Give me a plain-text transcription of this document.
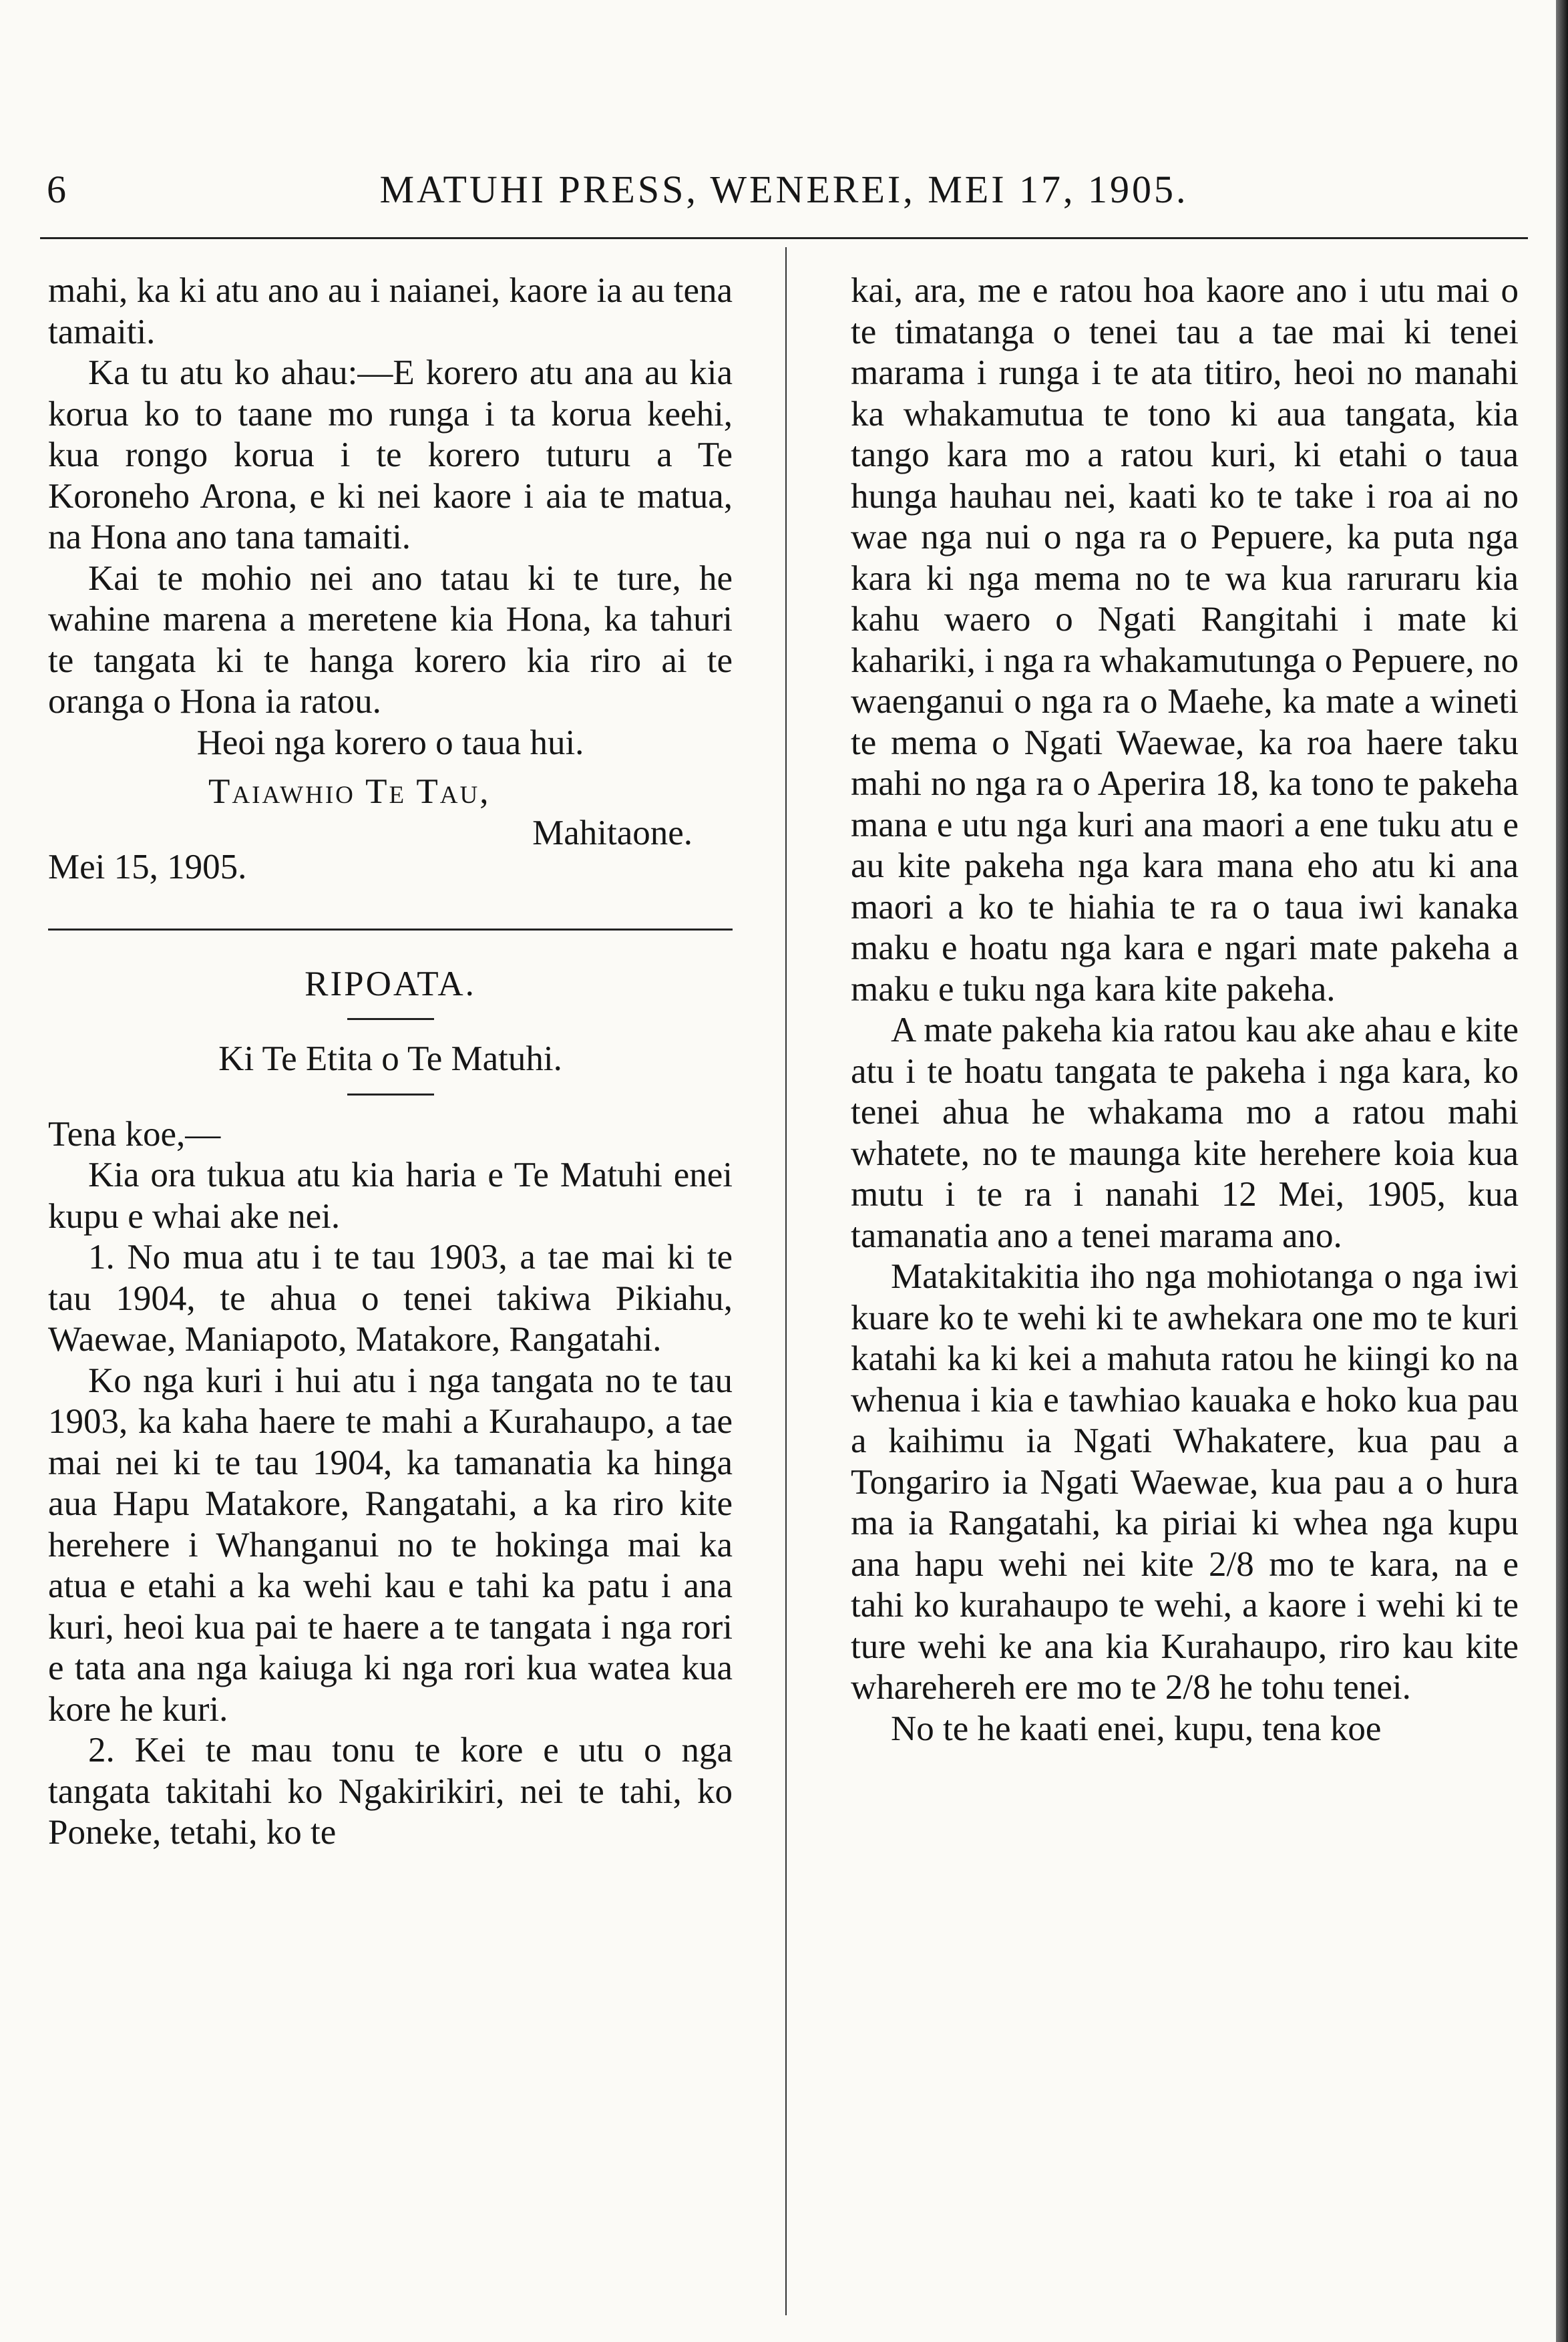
6	MATUHI PRESS, WENEREI, MEI 17, 1905.

mahi, ka ki atu ano au i naianei, kaore ia au tena tamaiti.

Ka tu atu ko ahau:—E korero atu ana au kia korua ko to taane mo runga i ta korua keehi, kua rongo korua i te korero tuturu a Te Koroneho Arona, e ki nei kaore i aia te matua, na Hona ano tana tamaiti.

Kai te mohio nei ano tatau ki te ture, he wahine marena a meretene kia Hona, ka tahuri te tangata ki te hanga korero kia riro ai te oranga o Hona ia ratou.

Heoi nga korero o taua hui.

Taiawhio Te Tau,

Mahitaone.

Mei 15, 1905.

RIPOATA.

Ki Te Etita o Te Matuhi.

Tena koe,—

Kia ora tukua atu kia haria e Te Matuhi enei kupu e whai ake nei.

1. No mua atu i te tau 1903, a tae mai ki te tau 1904, te ahua o tenei takiwa Pikiahu, Waewae, Maniapoto, Matakore, Rangatahi.

Ko nga kuri i hui atu i nga tangata no te tau 1903, ka kaha haere te mahi a Kurahaupo, a tae mai nei ki te tau 1904, ka tamanatia ka hinga aua Hapu Matakore, Rangatahi, a ka riro kite herehere i Whanganui no te hokinga mai ka atua e etahi a ka wehi kau e tahi ka patu i ana kuri, heoi kua pai te haere a te tangata i nga rori e tata ana nga kaiuga ki nga rori kua watea kua kore he kuri.

2. Kei te mau tonu te kore e utu o nga tangata takitahi ko Ngakirikiri, nei te tahi, ko Poneke, tetahi, ko te

kai, ara, me e ratou hoa kaore ano i utu mai o te timatanga o tenei tau a tae mai ki tenei marama i runga i te ata titiro, heoi no manahi ka whakamutua te tono ki aua tangata, kia tango kara mo a ratou kuri, ki etahi o taua hunga hauhau nei, kaati ko te take i roa ai no wae nga nui o nga ra o Pepuere, ka puta nga kara ki nga mema no te wa kua raruraru kia kahu waero o Ngati Rangitahi i mate ki kahariki, i nga ra whakamutunga o Pepuere, no waenganui o nga ra o Maehe, ka mate a wineti te mema o Ngati Waewae, ka roa haere taku mahi no nga ra o Aperira 18, ka tono te pakeha mana e utu nga kuri ana maori a ene tuku atu e au kite pakeha nga kara mana eho atu ki ana maori a ko te hiahia te ra o taua iwi kanaka maku e hoatu nga kara e ngari mate pakeha a maku e tuku nga kara kite pakeha.

A mate pakeha kia ratou kau ake ahau e kite atu i te hoatu tangata te pakeha i nga kara, ko tenei ahua he whakama mo a ratou mahi whatete, no te maunga kite herehere koia kua mutu i te ra i nanahi 12 Mei, 1905, kua tamanatia ano a tenei marama ano.

Matakitakitia iho nga mohiotanga o nga iwi kuare ko te wehi ki te awhekara one mo te kuri katahi ka ki kei a mahuta ratou he kiingi ko na whenua i kia e tawhiao kauaka e hoko kua pau a kaihimu ia Ngati Whakatere, kua pau a Tongariro ia Ngati Waewae, kua pau a o hura ma ia Rangatahi, ka piriai ki whea nga kupu ana hapu wehi nei kite 2/8 mo te kara, na e tahi ko kurahaupo te wehi, a kaore i wehi ki te ture wehi ke ana kia Kurahaupo, riro kau kite wharehereh ere mo te 2/8 he tohu tenei.

No te he kaati enei, kupu, tena koe
